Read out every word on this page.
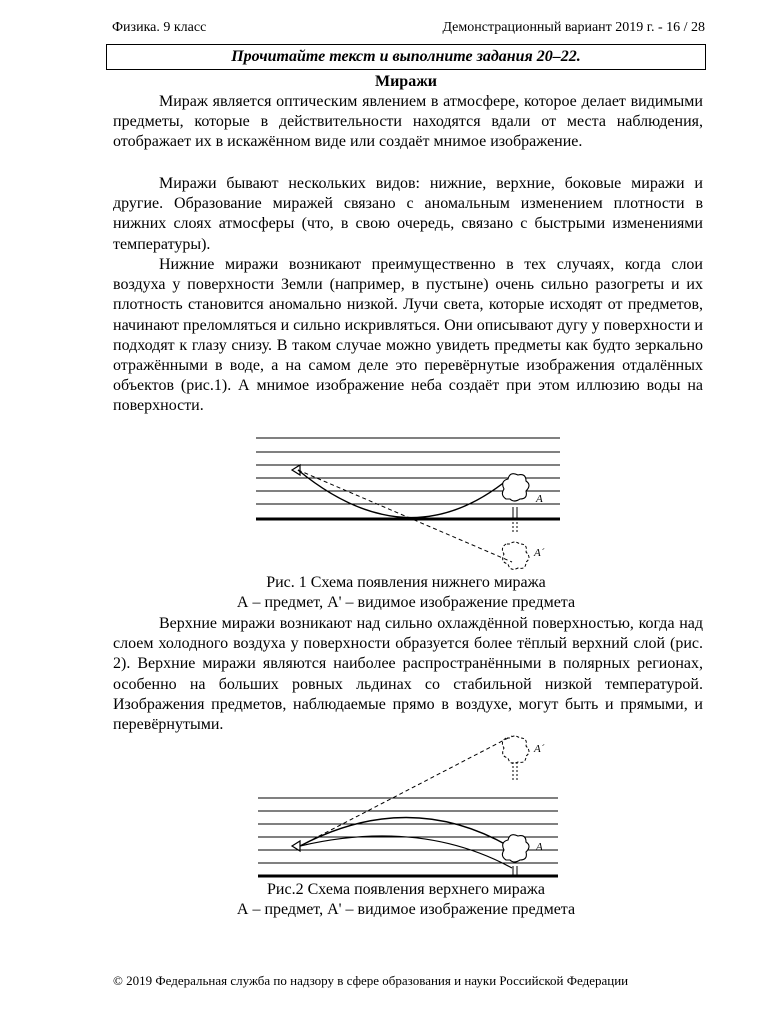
Физика. 9 класс	Демонстрационный вариант 2019 г. - 16 / 28
Прочитайте текст и выполните задания 20–22.
Миражи

Мираж является оптическим явлением в атмосфере, которое делает видимыми предметы, которые в действительности находятся вдали от места наблюдения, отображает их в искажённом виде или создаёт мнимое изображение.

Миражи бывают нескольких видов: нижние, верхние, боковые миражи и другие. Образование миражей связано с аномальным изменением плотности в нижних слоях атмосферы (что, в свою очередь, связано с быстрыми изменениями температуры).

Нижние миражи возникают преимущественно в тех случаях, когда слои воздуха у поверхности Земли (например, в пустыне) очень сильно разогреты и их плотность становится аномально низкой. Лучи света, которые исходят от предметов, начинают преломляться и сильно искривляться. Они описывают дугу у поверхности и подходят к глазу снизу. В таком случае можно увидеть предметы как будто зеркально отражёнными в воде, а на самом деле это перевёрнутые изображения отдалённых объектов (рис.1). А мнимое изображение неба создаёт при этом иллюзию воды на поверхности.

A
A´
Рис. 1 Схема появления нижнего миража
А – предмет, А' – видимое изображение предмета

Верхние миражи возникают над сильно охлаждённой поверхностью, когда над слоем холодного воздуха у поверхности образуется более тёплый верхний слой (рис. 2). Верхние миражи являются наиболее распространёнными в полярных регионах, особенно на больших ровных льдинах со стабильной низкой температурой. Изображения предметов, наблюдаемые прямо в воздухе, могут быть и прямыми, и перевёрнутыми.

A
A´
Рис.2 Схема появления верхнего миража
А – предмет, А' – видимое изображение предмета
© 2019 Федеральная служба по надзору в сфере образования и науки Российской Федерации
